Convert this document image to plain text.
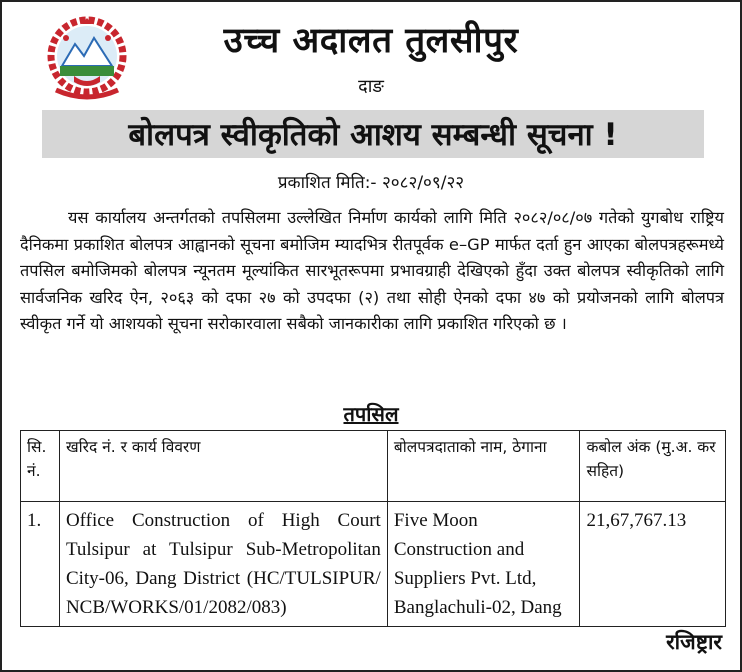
उच्च अदालत तुलसीपुर
दाङ
बोलपत्र स्वीकृतिको आशय सम्बन्धी सूचना !
प्रकाशित मिति:- २०८२/०९/२२
यस कार्यालय अन्तर्गतको तपसिलमा उल्लेखित निर्माण कार्यको लागि मिति २०८२/०८/०७ गतेको युगबोध राष्ट्रिय दैनिकमा प्रकाशित बोलपत्र आह्वानको सूचना बमोजिम म्यादभित्र रीतपूर्वक e–GP मार्फत दर्ता हुन आएका बोलपत्रहरूमध्ये तपसिल बमोजिमको बोलपत्र न्यूनतम मूल्यांकित सारभूतरूपमा प्रभावग्राही देखिएको हुँदा उक्त बोलपत्र स्वीकृतिको लागि सार्वजनिक खरिद ऐन, २०६३ को दफा २७ को उपदफा (२) तथा सोही ऐनको दफा ४७ को प्रयोजनको लागि बोलपत्र स्वीकृत गर्ने यो आशयको सूचना सरोकारवाला सबैको जानकारीका लागि प्रकाशित गरिएको छ ।
तपसिल
सि. नं.	खरिद नं. र कार्य विवरण	बोलपत्रदाताको नाम, ठेगाना	कबोल अंक (मु.अ. कर सहित)
1.	Office Construction of High Court Tulsipur at Tulsipur Sub-Metropolitan City-06, Dang District (HC/TULSIPUR/ NCB/WORKS/01/2082/083)	Five Moon Construction and Suppliers Pvt. Ltd, Banglachuli-02, Dang	21,67,767.13
रजिष्ट्रार
